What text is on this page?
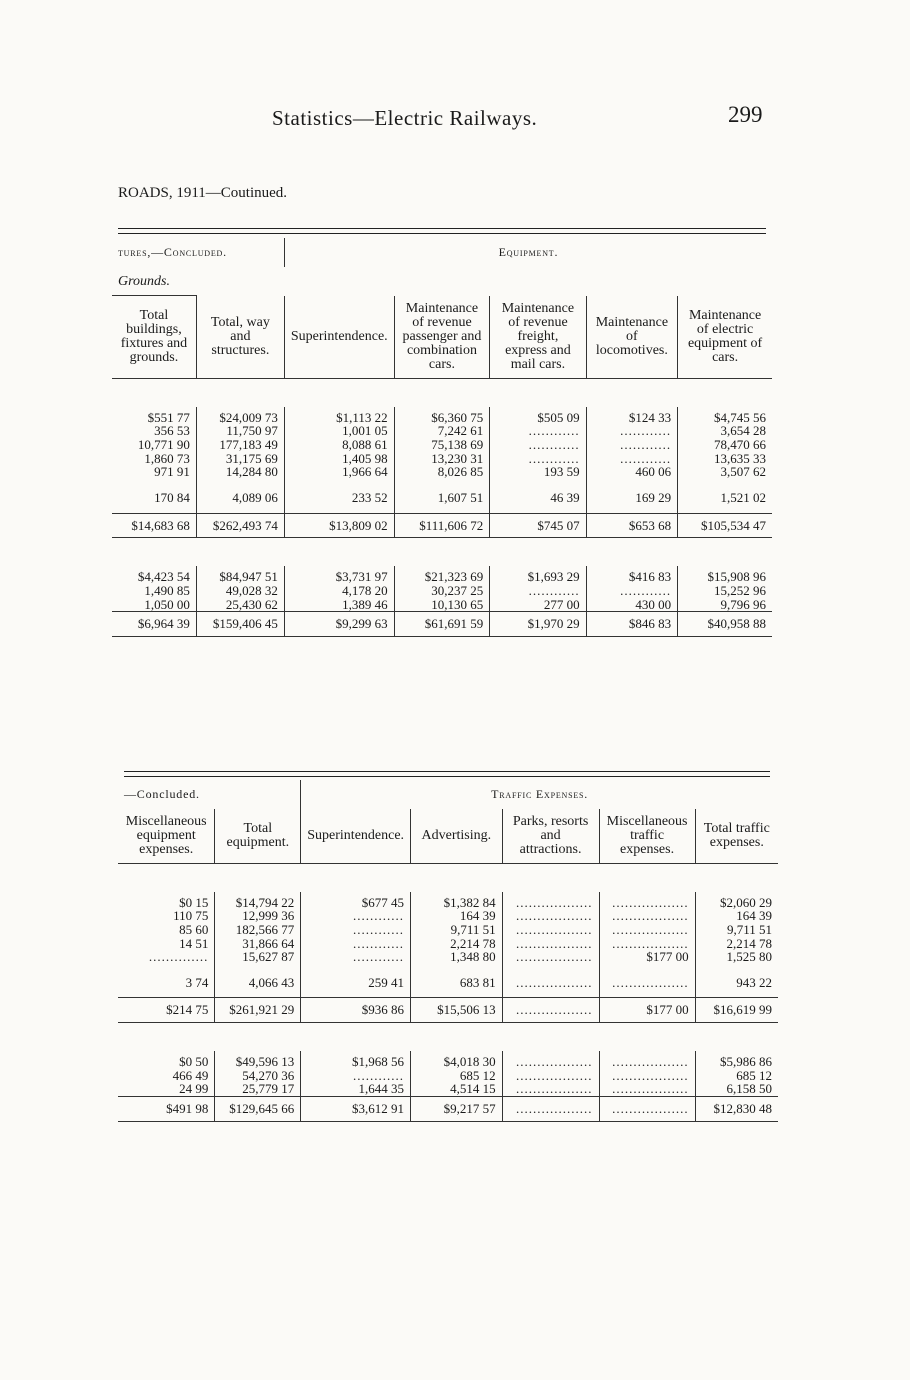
Statistics—Electric Railways.	299
ROADS, 1911—Coutinued.
tures,—Concluded.		Equipment.				
Grounds.						
Total buildings, fixtures and grounds.	Total, way and structures.	Superintendence.	Maintenance of revenue passenger and combination cars.	Maintenance of revenue freight, express and mail cars.	Maintenance of locomotives.	Maintenance of electric equipment of cars.

$551 77	$24,009 73	$1,113 22	$6,360 75	$505 09	$124 33	$4,745 56
356 53	11,750 97	1,001 05	7,242 61	............	............	3,654 28
10,771 90	177,183 49	8,088 61	75,138 69	............	............	78,470 66
1,860 73	31,175 69	1,405 98	13,230 31	............	............	13,635 33
971 91	14,284 80	1,966 64	8,026 85	193 59	460 06	3,507 62
170 84	4,089 06	233 52	1,607 51	46 39	169 29	1,521 02
$14,683 68	$262,493 74	$13,809 02	$111,606 72	$745 07	$653 68	$105,534 47

$4,423 54	$84,947 51	$3,731 97	$21,323 69	$1,693 29	$416 83	$15,908 96
1,490 85	49,028 32	4,178 20	30,237 25	............	............	15,252 96
1,050 00	25,430 62	1,389 46	10,130 65	277 00	430 00	9,796 96
$6,964 39	$159,406 45	$9,299 63	$61,691 59	$1,970 29	$846 83	$40,958 88
—Concluded.		Traffic Expenses.				
Miscellaneous equipment expenses.	Total equipment.	Superintendence.	Advertising.	Parks, resorts and attractions.	Miscellaneous traffic expenses.	Total traffic expenses.

$0 15	$14,794 22	$677 45	$1,382 84	..................	..................	$2,060 29
110 75	12,999 36	............	164 39	..................	..................	164 39
85 60	182,566 77	............	9,711 51	..................	..................	9,711 51
14 51	31,866 64	............	2,214 78	..................	..................	2,214 78
..............	15,627 87	............	1,348 80	..................	$177 00	1,525 80
3 74	4,066 43	259 41	683 81	..................	..................	943 22
$214 75	$261,921 29	$936 86	$15,506 13	..................	$177 00	$16,619 99

$0 50	$49,596 13	$1,968 56	$4,018 30	..................	..................	$5,986 86
466 49	54,270 36	............	685 12	..................	..................	685 12
24 99	25,779 17	1,644 35	4,514 15	..................	..................	6,158 50
$491 98	$129,645 66	$3,612 91	$9,217 57	..................	..................	$12,830 48
